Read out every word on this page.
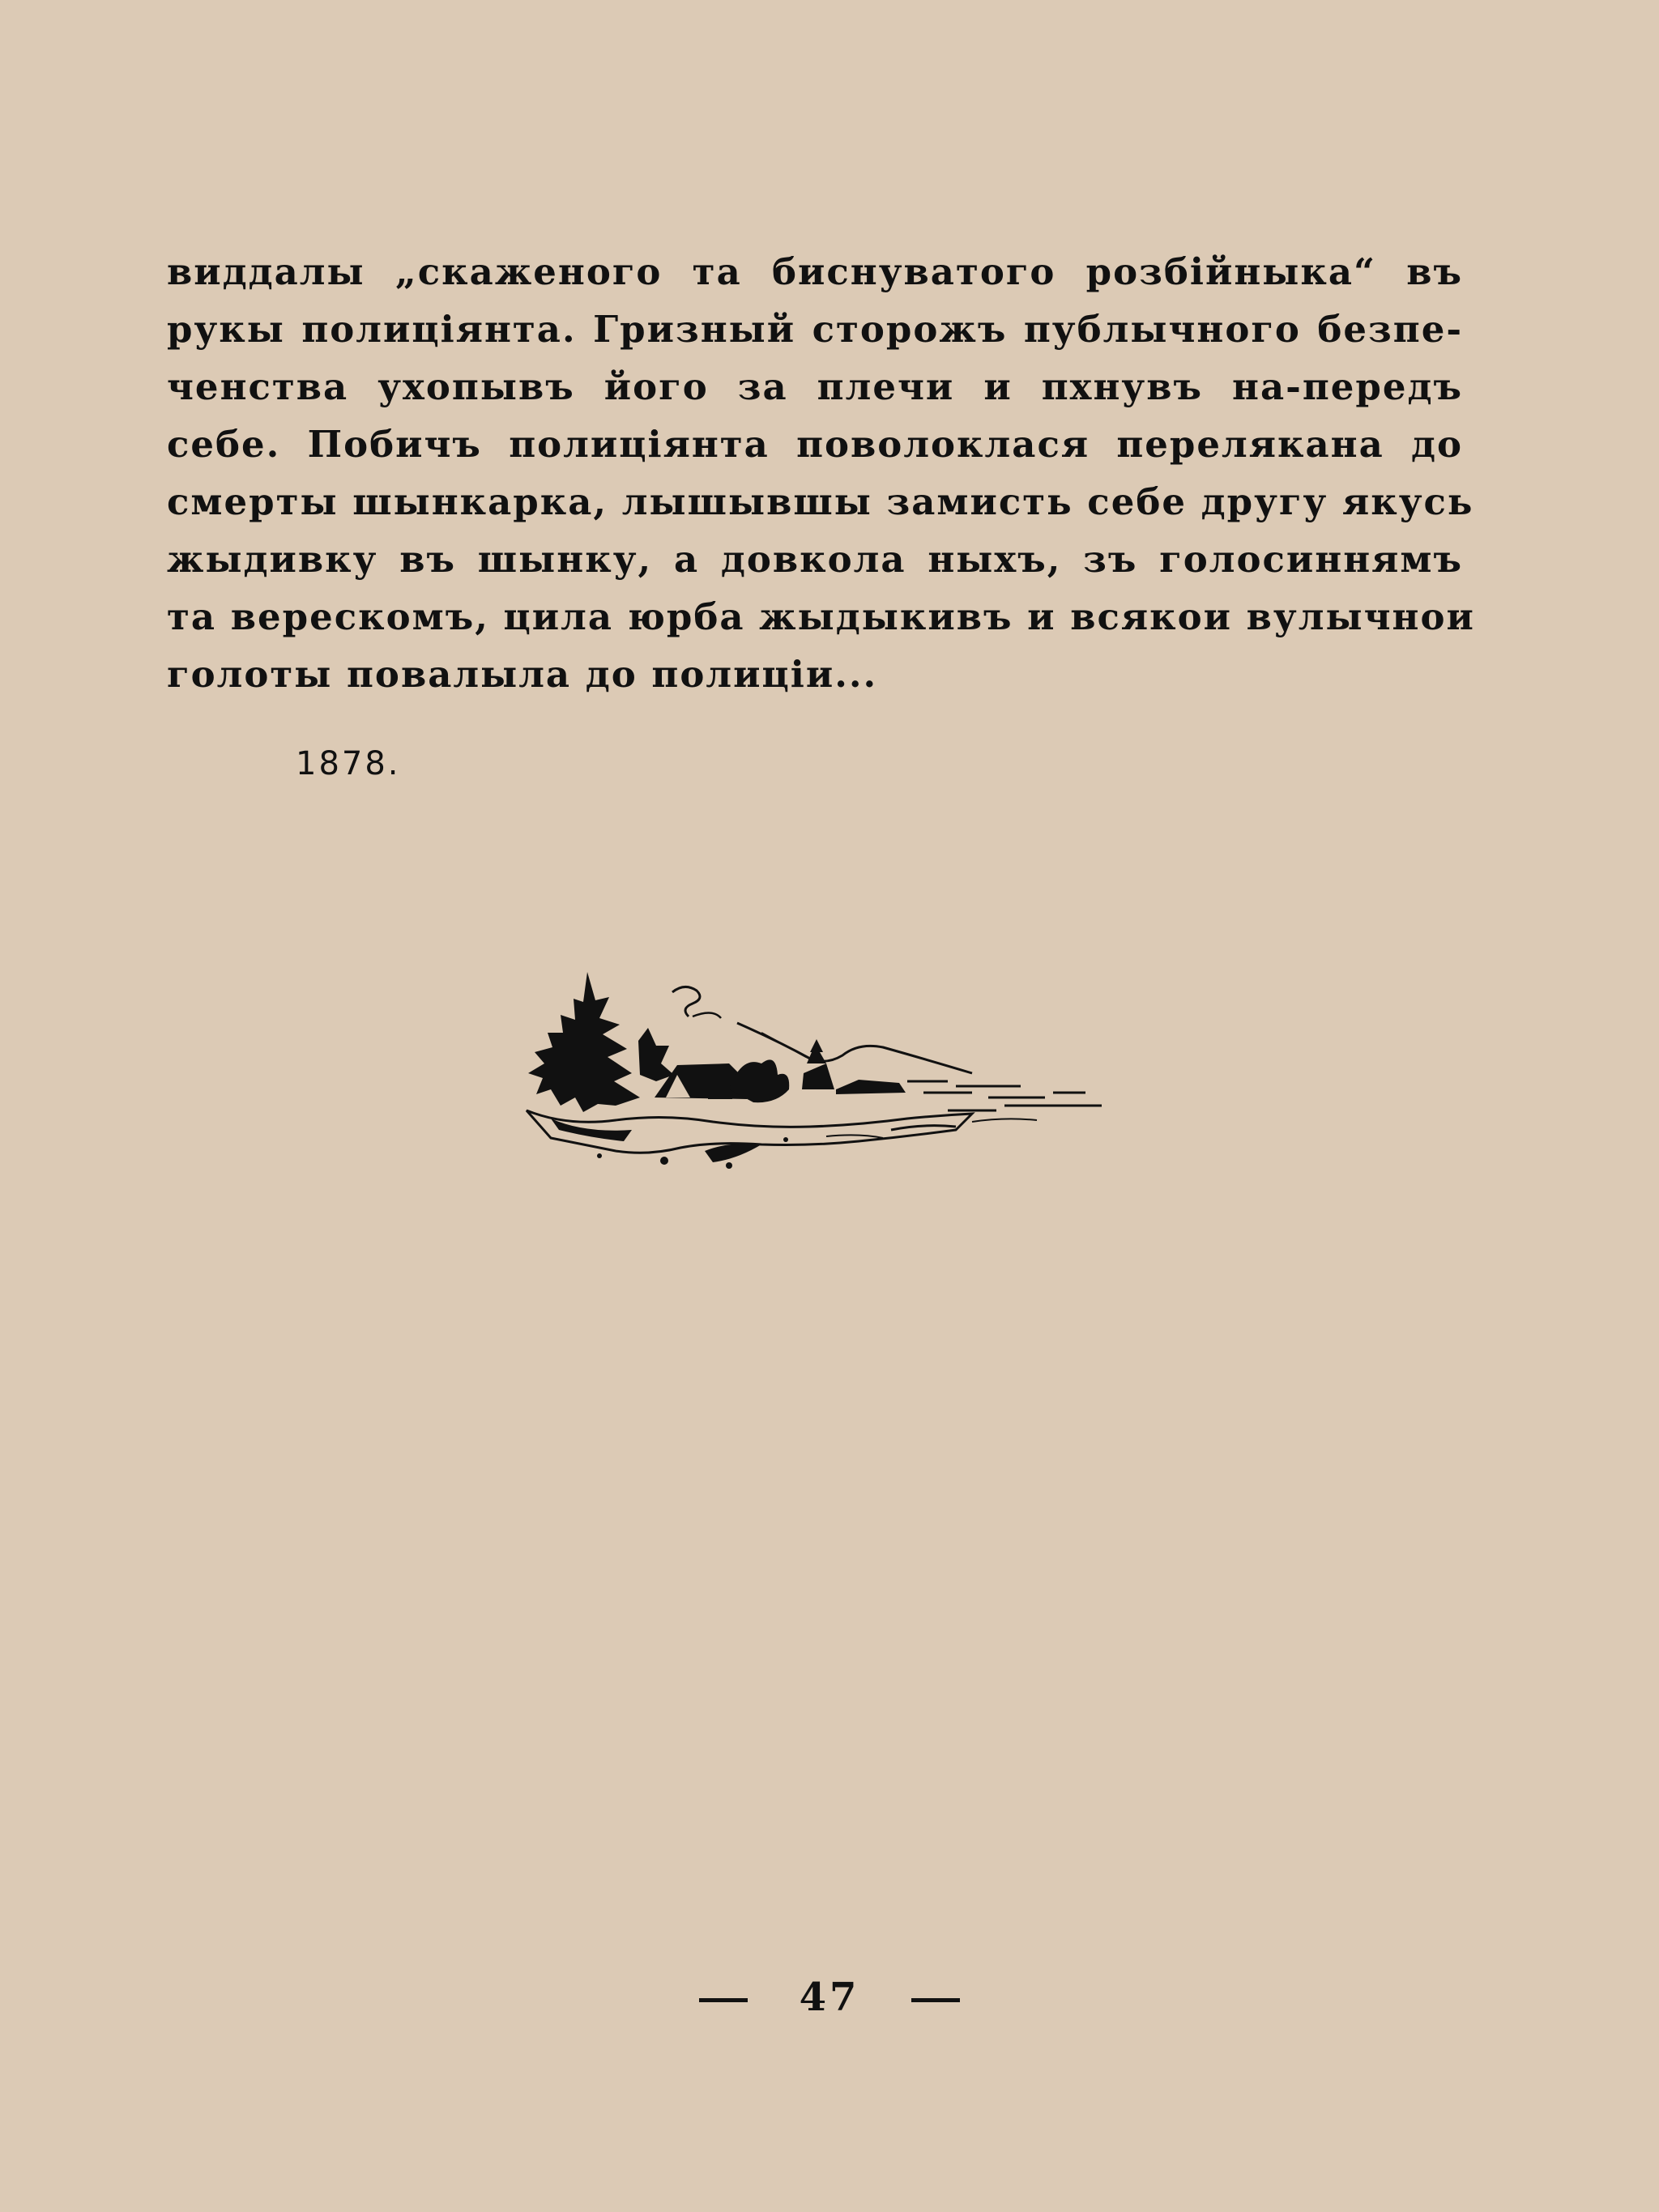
виддалы „скаженого та биснуватого розбійныка“ въ
рукы полицiянта. Гризный сторожъ публычного безпе-
ченства ухопывъ його за плечи и пхнувъ на-передъ
себе. Побичъ полицiянта поволоклася перелякана до
смерты шынкарка, лышывшы замисть себе другу якусь
жыдивку въ шынку, а довкола ныхъ, зъ голосиннямъ
та верескомъ, цила юрба жыдыкивъ и всякои вулычнои
голоты повалыла до полицiи...
1878.
47
